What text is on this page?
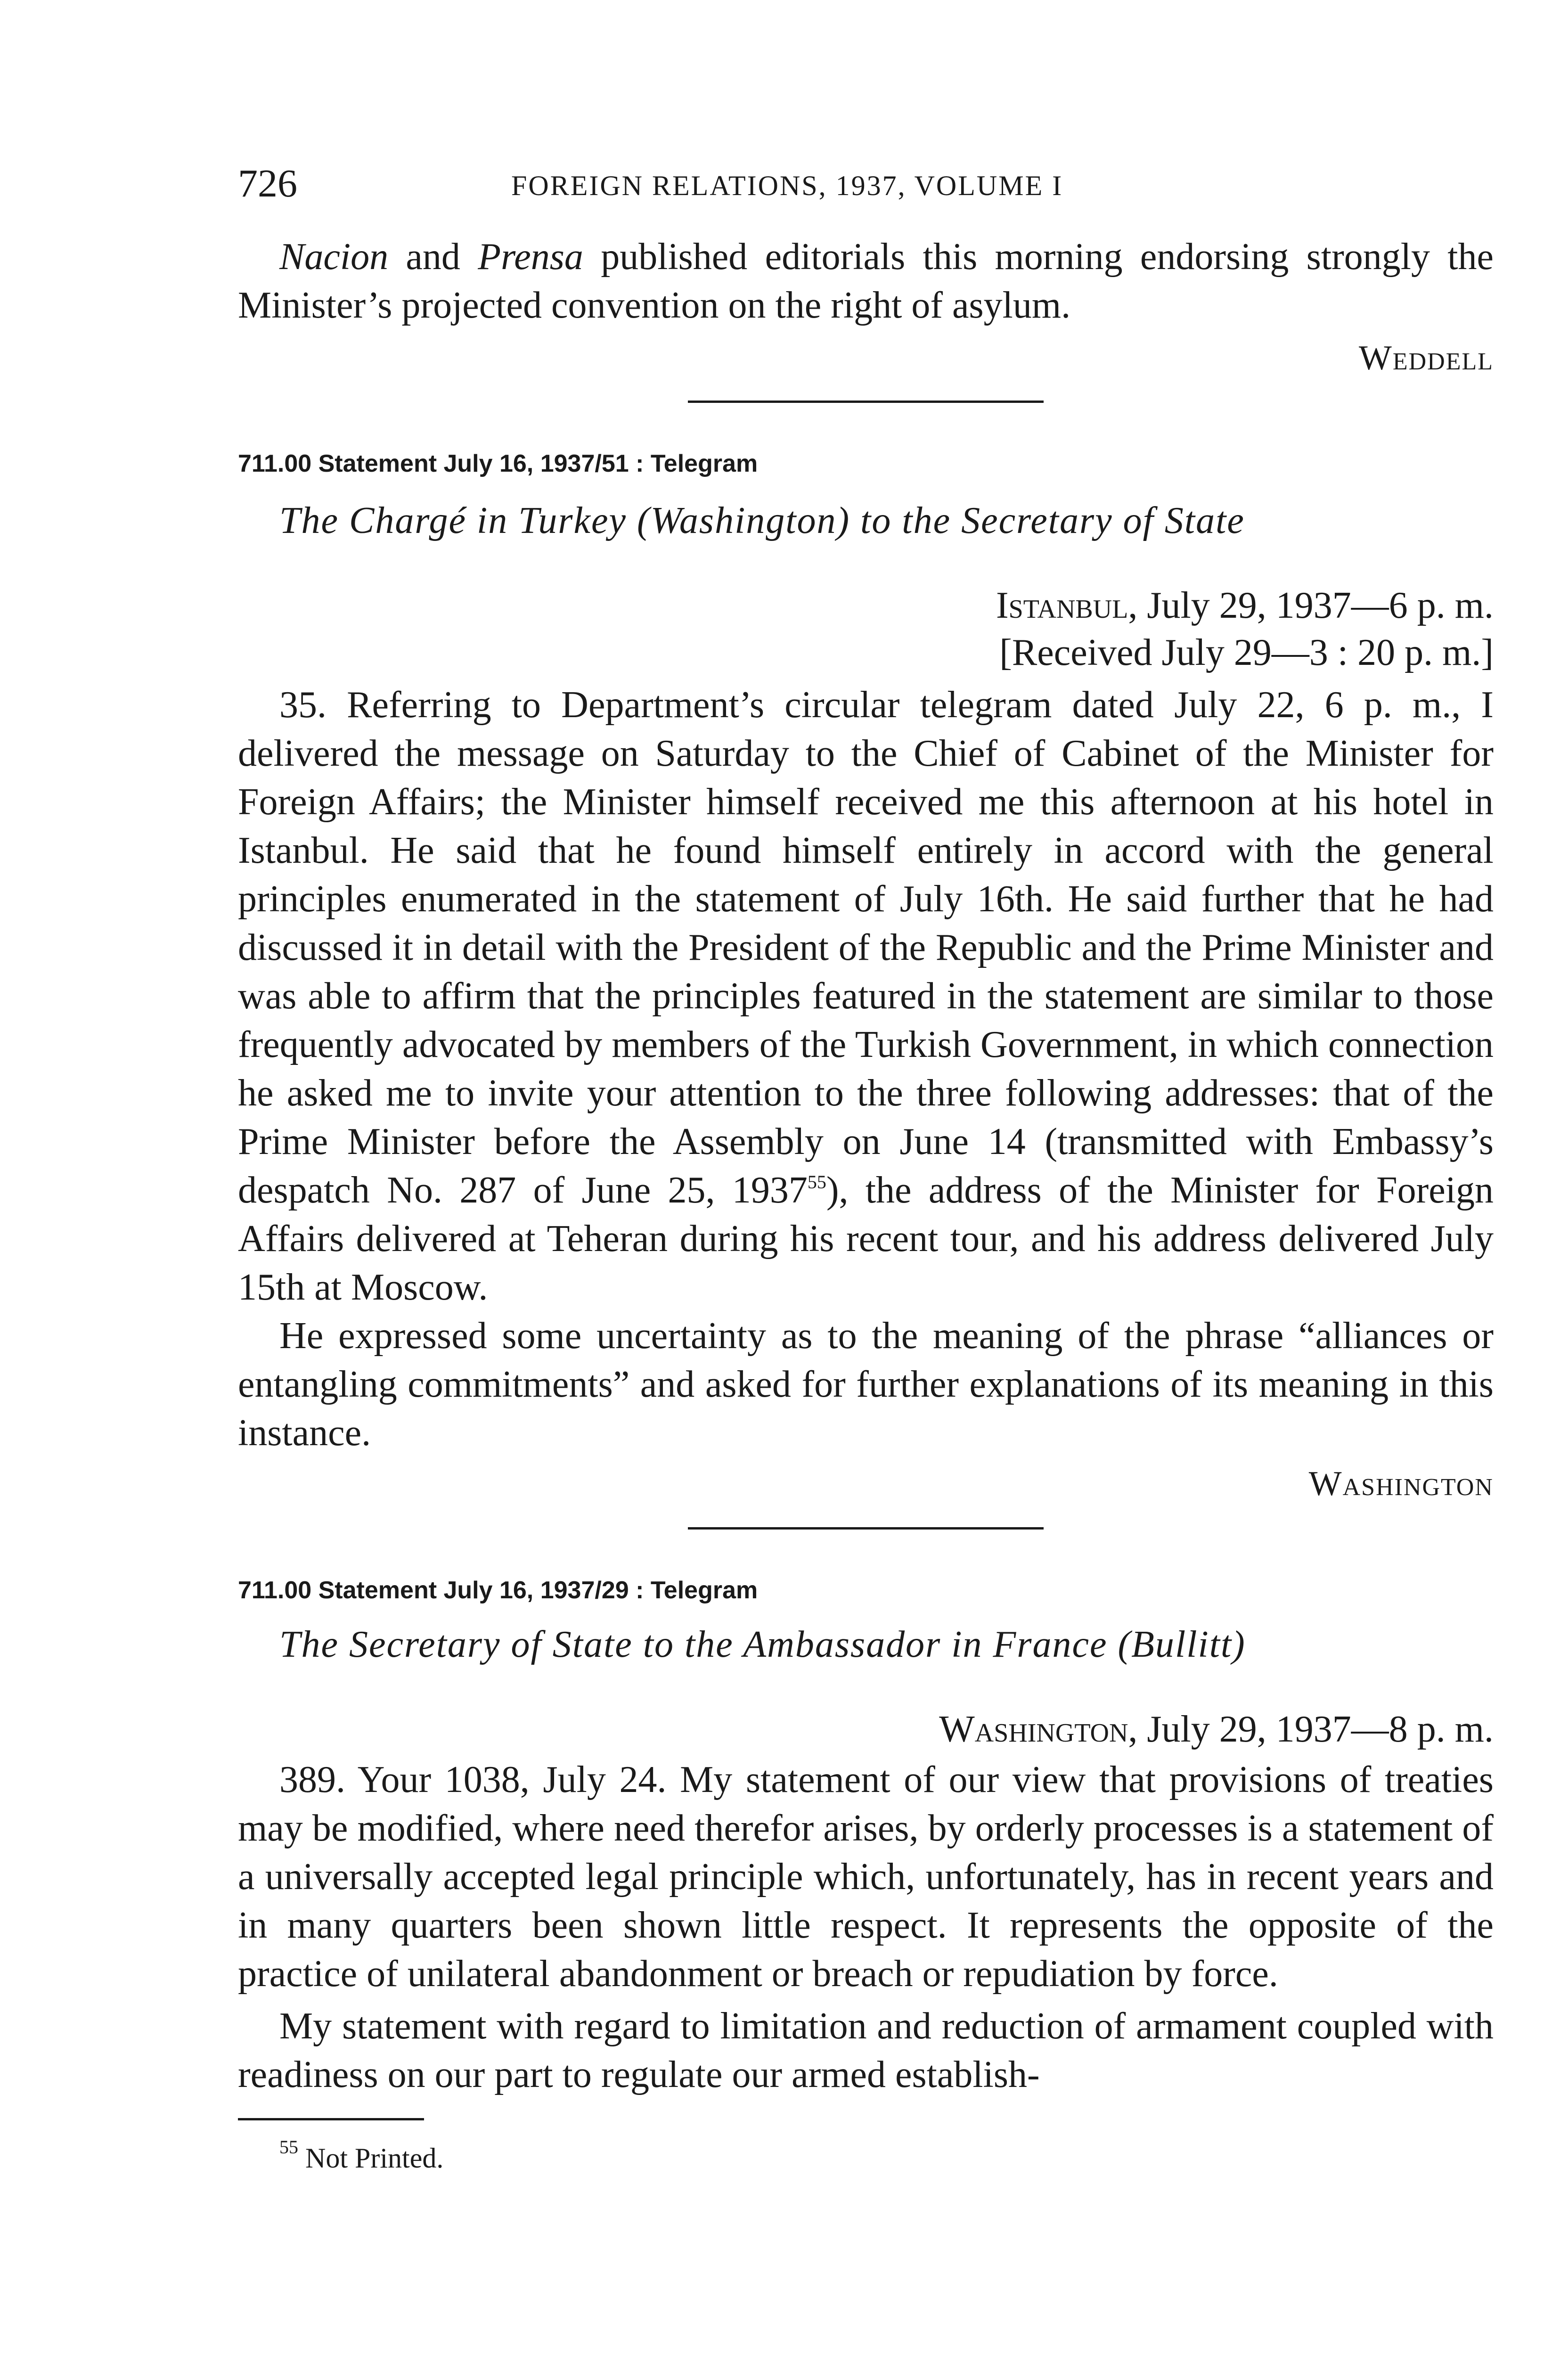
726	FOREIGN RELATIONS, 1937, VOLUME I

Nacion and Prensa published editorials this morning endorsing strongly the Minister’s projected convention on the right of asylum.

Weddell
711.00 Statement July 16, 1937/51 : Telegram
The Chargé in Turkey (Washington) to the Secretary of State
Istanbul, July 29, 1937—6 p. m.
[Received July 29—3 : 20 p. m.]

35. Referring to Department’s circular telegram dated July 22, 6 p. m., I delivered the message on Saturday to the Chief of Cabinet of the Minister for Foreign Affairs; the Minister himself received me this afternoon at his hotel in Istanbul. He said that he found himself entirely in accord with the general principles enumerated in the statement of July 16th. He said further that he had discussed it in detail with the President of the Republic and the Prime Minister and was able to affirm that the principles featured in the statement are similar to those frequently advocated by members of the Turkish Government, in which connection he asked me to invite your attention to the three following addresses: that of the Prime Minister before the Assembly on June 14 (transmitted with Embassy’s despatch No. 287 of June 25, 1937$^{55}$), the address of the Minister for Foreign Affairs delivered at Teheran during his recent tour, and his address delivered July 15th at Moscow.

He expressed some uncertainty as to the meaning of the phrase “alliances or entangling commitments” and asked for further explanations of its meaning in this instance.

Washington
711.00 Statement July 16, 1937/29 : Telegram
The Secretary of State to the Ambassador in France (Bullitt)
Washington, July 29, 1937—8 p. m.

389. Your 1038, July 24. My statement of our view that provisions of treaties may be modified, where need therefor arises, by orderly processes is a statement of a universally accepted legal principle which, unfortunately, has in recent years and in many quarters been shown little respect. It represents the opposite of the practice of unilateral abandonment or breach or repudiation by force.

My statement with regard to limitation and reduction of armament coupled with readiness on our part to regulate our armed establish-

$^{55}$ Not Printed.
